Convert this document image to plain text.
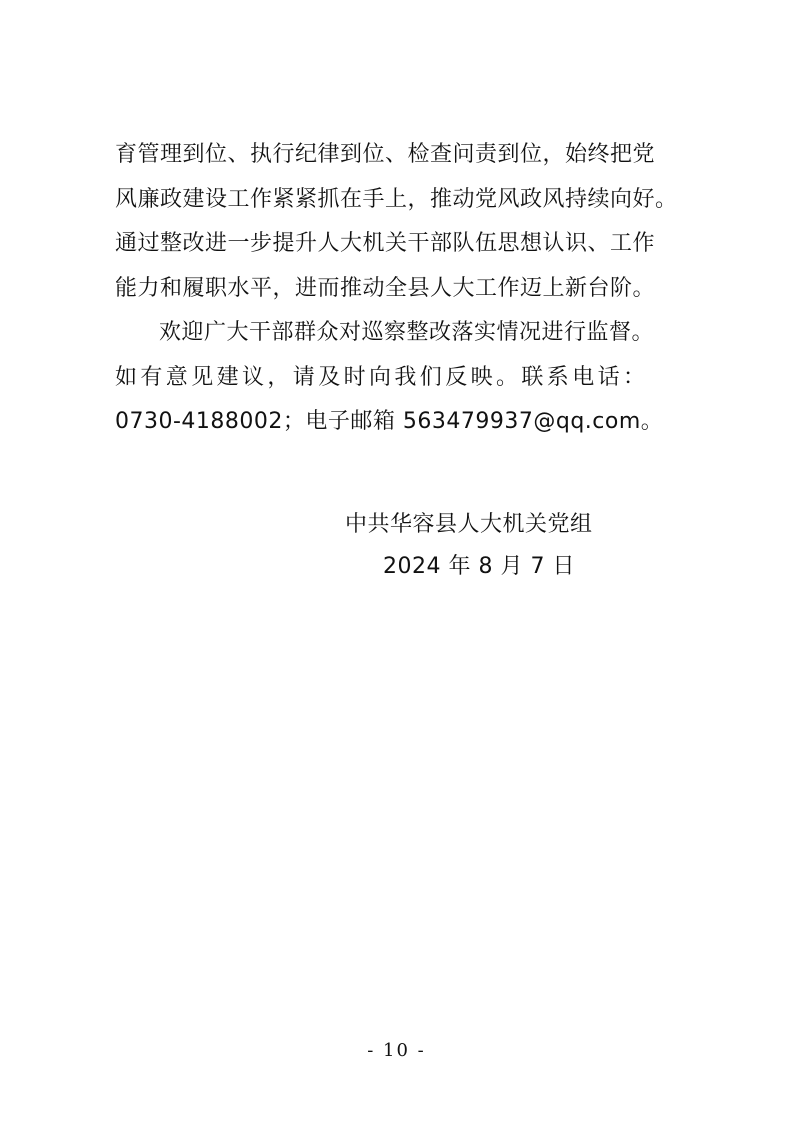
育管理到位、执行纪律到位、检查问责到位，始终把党
风廉政建设工作紧紧抓在手上，推动党风政风持续向好。
通过整改进一步提升人大机关干部队伍思想认识、工作
能力和履职水平，进而推动全县人大工作迈上新台阶。
欢迎广大干部群众对巡察整改落实情况进行监督。
如有意见建议，请及时向我们反映。联系电话：
0730-4188002；电子邮箱 563479937@qq.com。
中共华容县人大机关党组
2024 年 8 月 7 日
- 10 -
